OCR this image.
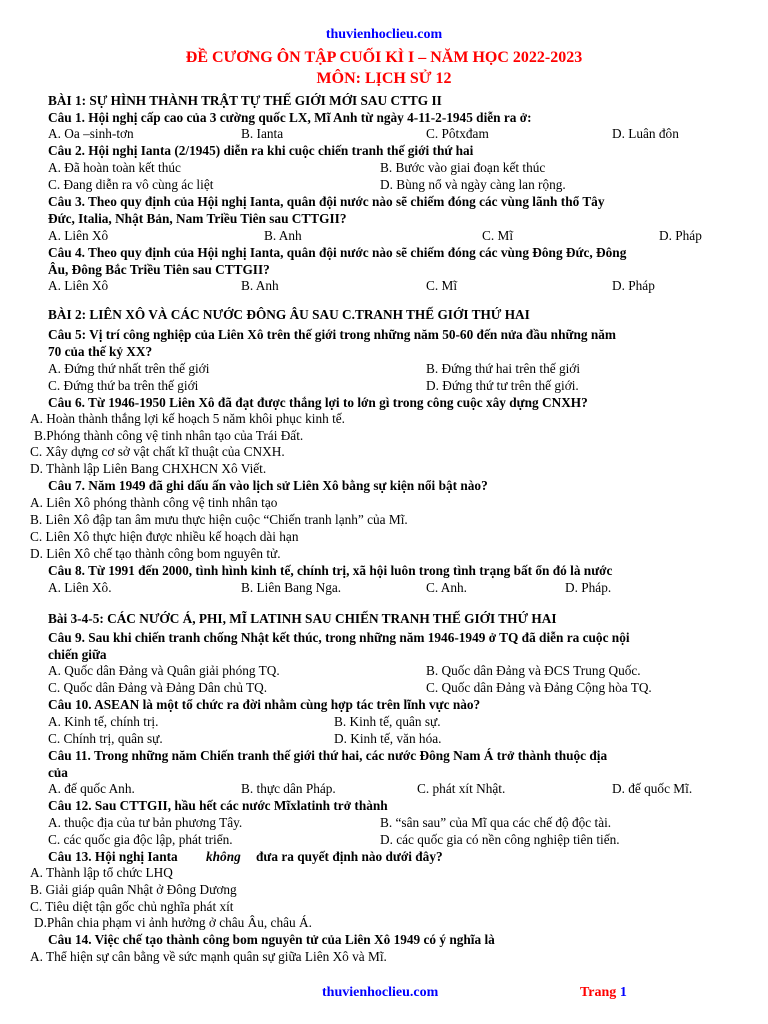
thuvienhoclieu.com
ĐỀ CƯƠNG ÔN TẬP CUỐI KÌ I – NĂM HỌC 2022-2023
MÔN: LỊCH SỬ 12
BÀI 1: SỰ HÌNH THÀNH TRẬT TỰ THẾ GIỚI MỚI SAU CTTG II
Câu 1. Hội nghị cấp cao của 3 cường quốc LX, Mĩ Anh từ ngày 4-11-2-1945 diễn ra ở:
A. Oa –sinh-tơn	B. Ianta	C. Pôtxđam	D. Luân đôn
Câu 2. Hội nghị Ianta (2/1945) diễn ra khi cuộc chiến tranh thế giới thứ hai
A. Đã hoàn toàn kết thúc	B. Bước vào giai đoạn kết thúc
C. Đang diễn ra vô cùng ác liệt	D. Bùng nổ và ngày càng lan rộng.
Câu 3. Theo quy định của Hội nghị Ianta, quân đội nước nào sẽ chiếm đóng các vùng lãnh thổ Tây
Đức, Italia, Nhật Bản, Nam Triều Tiên sau CTTGII?
A. Liên Xô	B. Anh	C. Mĩ	D. Pháp
Câu 4. Theo quy định của Hội nghị Ianta, quân đội nước nào sẽ chiếm đóng các vùng Đông Đức, Đông
Âu, Đông Bắc Triều Tiên sau CTTGII?
A. Liên Xô	B. Anh	C. Mĩ	D. Pháp
BÀI 2: LIÊN XÔ VÀ CÁC NƯỚC ĐÔNG ÂU SAU C.TRANH THẾ GIỚI THỨ HAI
Câu 5: Vị trí công nghiệp của Liên Xô trên thế giới trong những năm 50-60 đến nửa đầu những năm
70 của thế kỷ XX?
A. Đứng thứ nhất trên thế giới	B. Đứng thứ hai trên thế giới
C. Đứng thứ ba trên thế giới	D. Đứng thứ tư trên thế giới.
Câu 6. Từ 1946-1950 Liên Xô đã đạt được thắng lợi to lớn gì trong công cuộc xây dựng CNXH?
A. Hoàn thành thắng lợi kế hoạch 5 năm khôi phục kinh tế.
B.Phóng thành công vệ tinh nhân tạo của Trái Đất.
C. Xây dựng cơ sở vật chất kĩ thuật của CNXH.
D. Thành lập Liên Bang CHXHCN Xô Viết.
Câu 7. Năm 1949 đã ghi dấu ấn vào lịch sử Liên Xô bằng sự kiện nổi bật nào?
A. Liên Xô phóng thành công vệ tinh nhân tạo
B. Liên Xô đập tan âm mưu thực hiện cuộc “Chiến tranh lạnh” của Mĩ.
C. Liên Xô thực hiện được nhiều kế hoạch dài hạn
D. Liên Xô chế tạo thành công bom nguyên tử.
Câu 8. Từ 1991 đến 2000, tình hình kinh tế, chính trị, xã hội luôn trong tình trạng bất ổn đó là nước
A. Liên Xô.	B. Liên Bang Nga.	C. Anh.	D. Pháp.
Bài 3-4-5: CÁC NƯỚC Á, PHI, MĨ LATINH SAU CHIẾN TRANH THẾ GIỚI THỨ HAI
Câu 9. Sau khi chiến tranh chống Nhật kết thúc, trong những năm 1946-1949 ở TQ đã diễn ra cuộc nội
chiến giữa
A. Quốc dân Đảng và Quân giải phóng TQ.	B. Quốc dân Đảng và ĐCS Trung Quốc.
C. Quốc dân Đảng và Đảng Dân chủ TQ.	C. Quốc dân Đảng và Đảng Cộng hòa TQ.
Câu 10. ASEAN là một tổ chức ra đời nhằm cùng hợp tác trên lĩnh vực nào?
A. Kinh tế, chính trị.	B. Kinh tế, quân sự.
C. Chính trị, quân sự.	D. Kinh tế, văn hóa.
Câu 11. Trong những năm Chiến tranh thế giới thứ hai, các nước Đông Nam Á trở thành thuộc địa
của
A. đế quốc Anh.	B. thực dân Pháp.	C. phát xít Nhật.	D. đế quốc Mĩ.
Câu 12. Sau CTTGII, hầu hết các nước Mĩxlatinh trở thành
A. thuộc địa của tư bản phương Tây.	B. “sân sau” của Mĩ qua các chế độ độc tài.
C. các quốc gia độc lập, phát triển.	D. các quốc gia có nền công nghiệp tiên tiến.
Câu 13. Hội nghị Ianta không đưa ra quyết định nào dưới đây?
A. Thành lập tổ chức LHQ
B. Giải giáp quân Nhật ở Đông Dương
C. Tiêu diệt tận gốc chủ nghĩa phát xít
D.Phân chia phạm vi ảnh hưởng ở châu Âu, châu Á.
Câu 14. Việc chế tạo thành công bom nguyên tử của Liên Xô 1949 có ý nghĩa là
A. Thể hiện sự cân bằng về sức mạnh quân sự giữa Liên Xô và Mĩ.
thuvienhoclieu.com	Trang 1
